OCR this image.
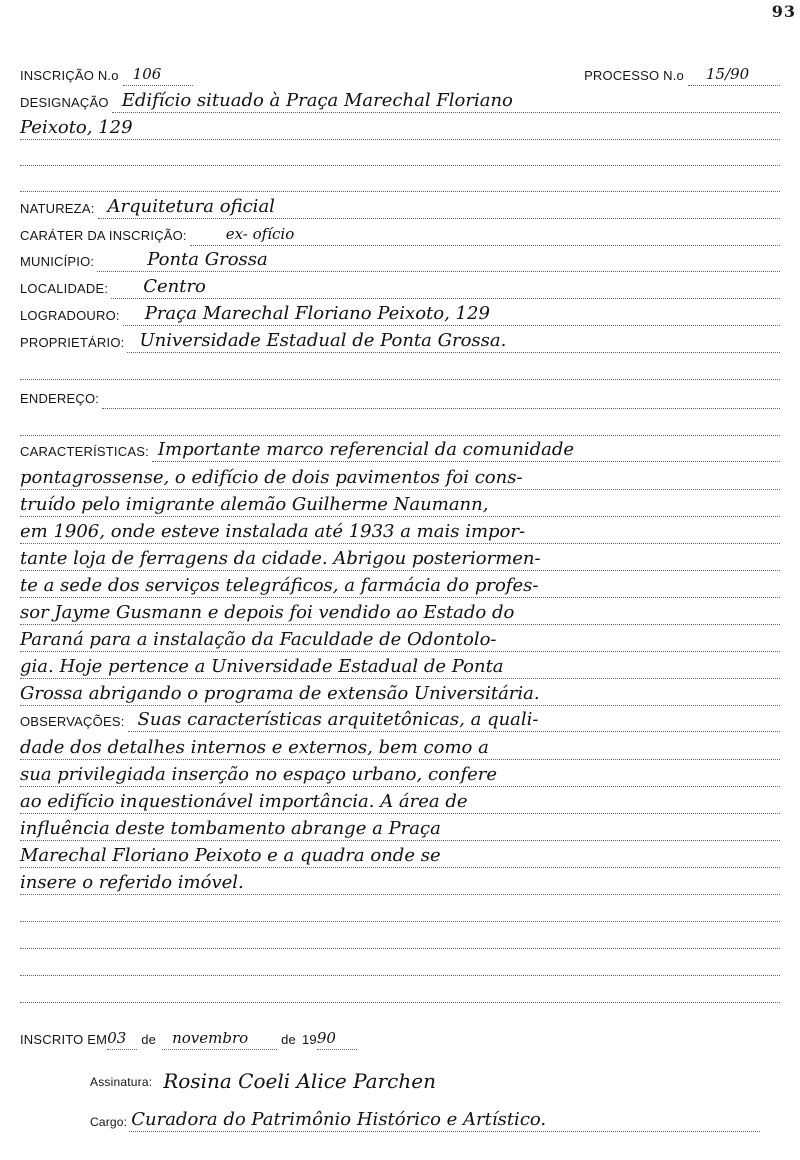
93
INSCRIÇÃO N.o 106	PROCESSO N.o 15/90
DESIGNAÇÃO Edifício situado à Praça Marechal Floriano
Peixoto, 129
NATUREZA: Arquitetura oficial
CARÁTER DA INSCRIÇÃO:	ex- ofício
MUNICÍPIO:	Ponta Grossa
LOCALIDADE: Centro
LOGRADOURO: Praça Marechal Floriano Peixoto, 129
PROPRIETÁRIO: Universidade Estadual de Ponta Grossa.
ENDEREÇO:
CARACTERÍSTICAS: Importante marco referencial da comunidade
pontagrossense, o edifício de dois pavimentos foi cons-
truído pelo imigrante alemão Guilherme Naumann,
em 1906, onde esteve instalada até 1933 a mais impor-
tante loja de ferragens da cidade. Abrigou posteriormen-
te a sede dos serviços telegráficos, a farmácia do profes-
sor Jayme Gusmann e depois foi vendido ao Estado do
Paraná para a instalação da Faculdade de Odontolo-
gia. Hoje pertence a Universidade Estadual de Ponta
Grossa abrigando o programa de extensão Universitária.
OBSERVAÇÕES: Suas características arquitetônicas, a quali-
dade dos detalhes internos e externos, bem como a
sua privilegiada inserção no espaço urbano, confere
ao edifício inquestionável importância. A área de
influência deste tombamento abrange a Praça
Marechal Floriano Peixoto e a quadra onde se
insere o referido imóvel.
INSCRITO EM 03 de novembro	de 19 90
Assinatura: Rosina Coeli Alice Parchen
Cargo: Curadora do Patrimônio Histórico e Artístico.
